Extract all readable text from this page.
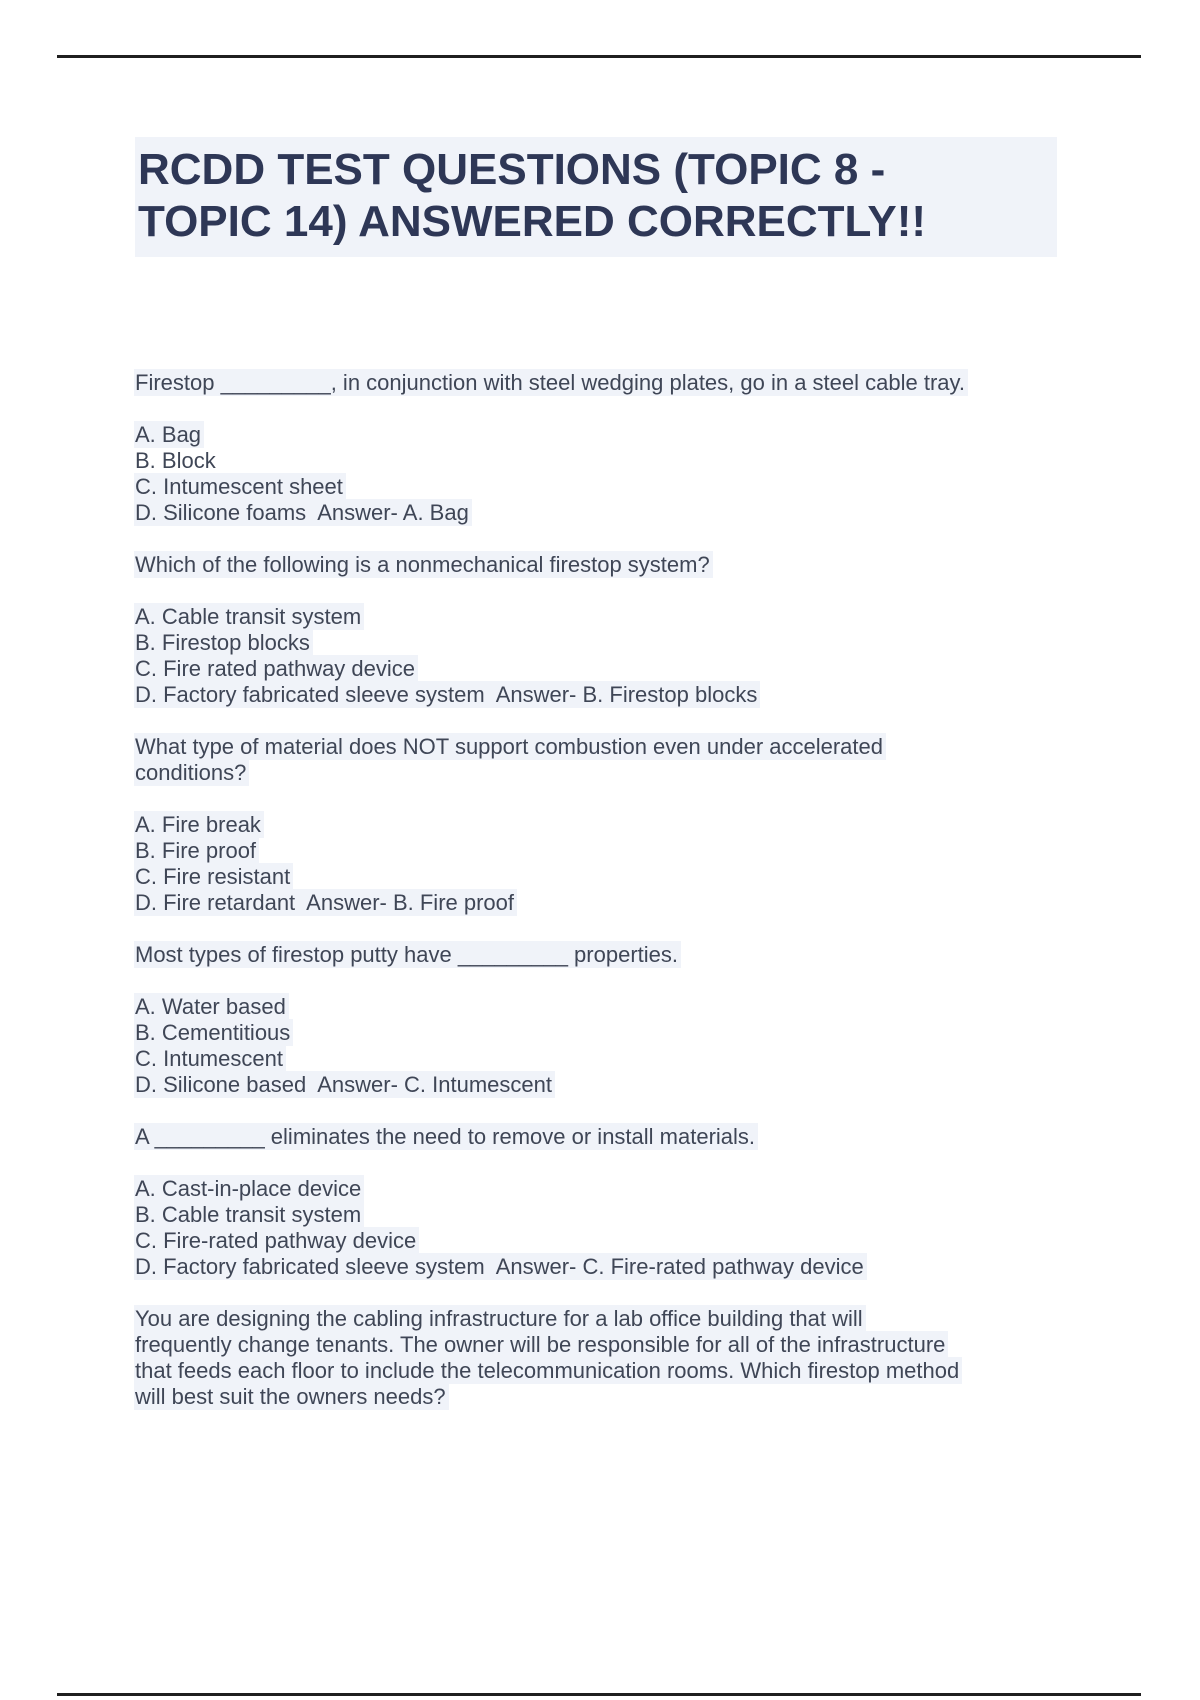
RCDD TEST QUESTIONS (TOPIC 8 -
TOPIC 14) ANSWERED CORRECTLY!!
Firestop _________, in conjunction with steel wedging plates, go in a steel cable tray.
A. Bag
B. Block
C. Intumescent sheet
D. Silicone foams  Answer- A. Bag
Which of the following is a nonmechanical firestop system?
A. Cable transit system
B. Firestop blocks
C. Fire rated pathway device
D. Factory fabricated sleeve system  Answer- B. Firestop blocks
What type of material does NOT support combustion even under accelerated
conditions?
A. Fire break
B. Fire proof
C. Fire resistant
D. Fire retardant  Answer- B. Fire proof
Most types of firestop putty have _________ properties.
A. Water based
B. Cementitious
C. Intumescent
D. Silicone based  Answer- C. Intumescent
A _________ eliminates the need to remove or install materials.
A. Cast-in-place device
B. Cable transit system
C. Fire-rated pathway device
D. Factory fabricated sleeve system  Answer- C. Fire-rated pathway device
You are designing the cabling infrastructure for a lab office building that will
frequently change tenants. The owner will be responsible for all of the infrastructure
that feeds each floor to include the telecommunication rooms. Which firestop method
will best suit the owners needs?
